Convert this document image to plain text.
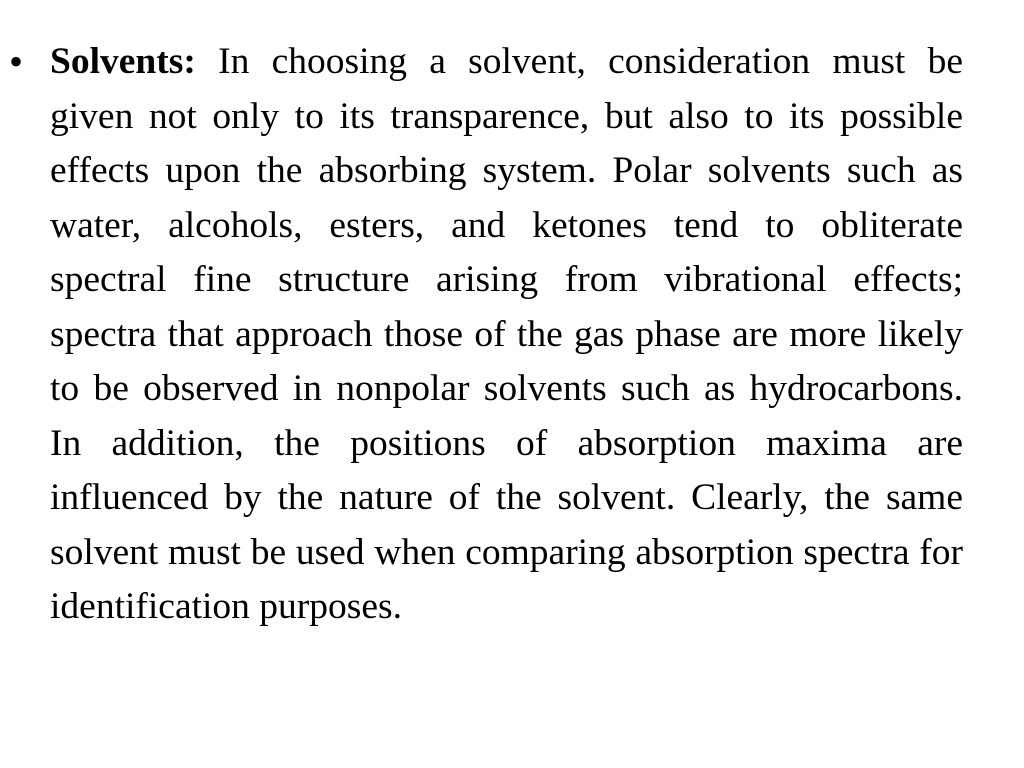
• Solvents: In choosing a solvent, consideration must be given not only to its transparence, but also to its possible effects upon the absorbing system. Polar solvents such as water, alcohols, esters, and ketones tend to obliterate spectral fine structure arising from vibrational effects; spectra that approach those of the gas phase are more likely to be observed in nonpolar solvents such as hydrocarbons. In addition, the positions of absorption maxima are influenced by the nature of the solvent. Clearly, the same solvent must be used when comparing absorption spectra for identification purposes.
